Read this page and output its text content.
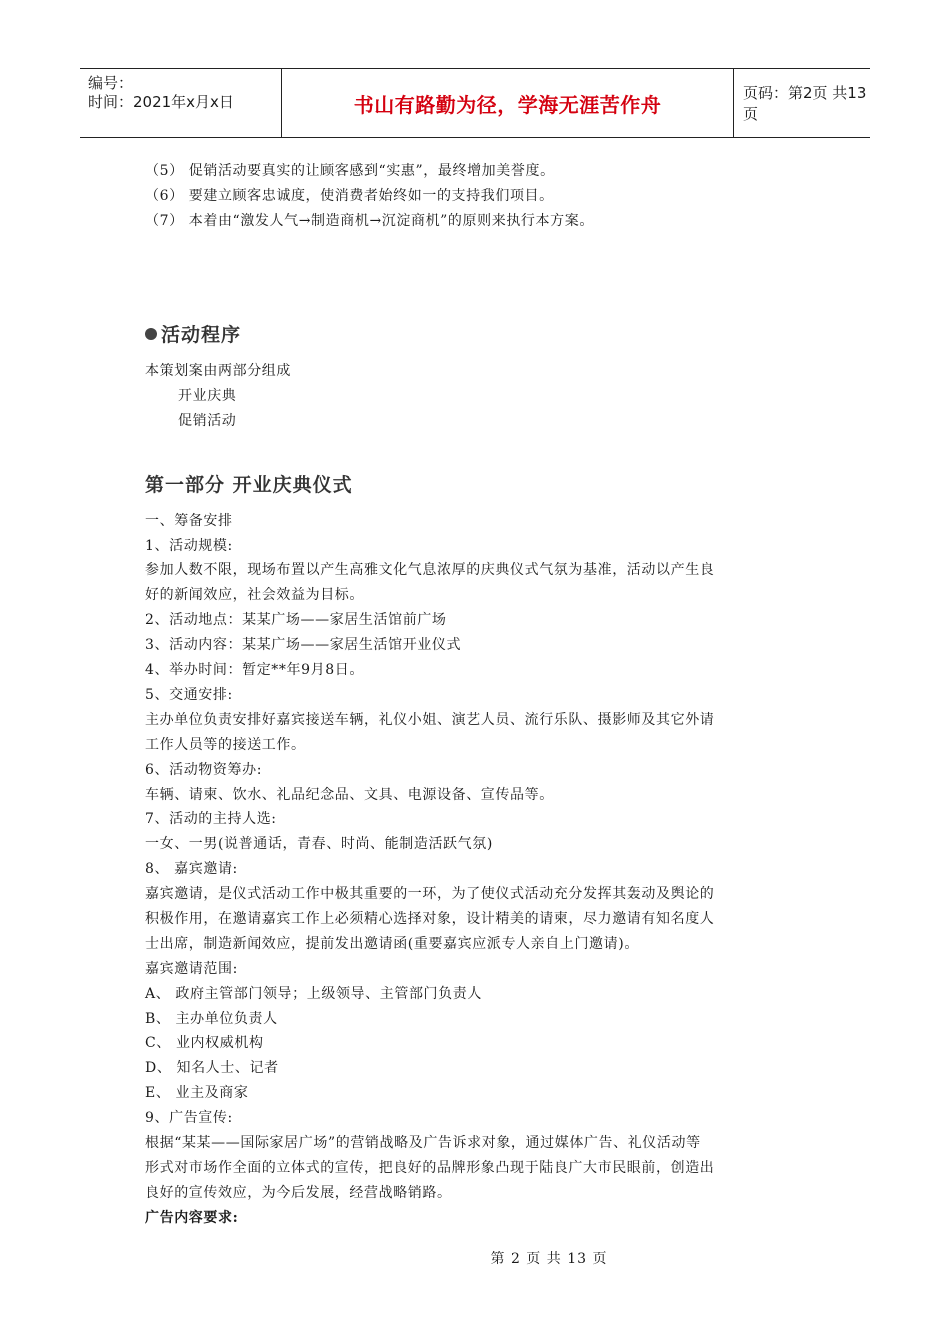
编号：
时间：2021年x月x日	书山有路勤为径，学海无涯苦作舟	页码：第2页 共13页
（5） 促销活动要真实的让顾客感到“实惠”，最终增加美誉度。
（6） 要建立顾客忠诚度，使消费者始终如一的支持我们项目。
（7） 本着由“激发人气→制造商机→沉淀商机”的原则来执行本方案。
活动程序
本策划案由两部分组成
开业庆典
促销活动
第一部分 开业庆典仪式
一、筹备安排
1、活动规模:
参加人数不限，现场布置以产生高雅文化气息浓厚的庆典仪式气氛为基准，活动以产生良
好的新闻效应，社会效益为目标。
2、活动地点：某某广场——家居生活馆前广场
3、活动内容：某某广场——家居生活馆开业仪式
4、举办时间：暂定**年9月8日。
5、交通安排:
主办单位负责安排好嘉宾接送车辆，礼仪小姐、演艺人员、流行乐队、摄影师及其它外请
工作人员等的接送工作。
6、活动物资筹办:
车辆、请柬、饮水、礼品纪念品、文具、电源设备、宣传品等。
7、活动的主持人选:
一女、一男(说普通话，青春、时尚、能制造活跃气氛)
8、 嘉宾邀请:
嘉宾邀请，是仪式活动工作中极其重要的一环，为了使仪式活动充分发挥其轰动及舆论的
积极作用，在邀请嘉宾工作上必须精心选择对象，设计精美的请柬，尽力邀请有知名度人
士出席，制造新闻效应，提前发出邀请函(重要嘉宾应派专人亲自上门邀请)。
嘉宾邀请范围:
A、 政府主管部门领导；上级领导、主管部门负责人
B、 主办单位负责人
C、 业内权威机构
D、 知名人士、记者
E、 业主及商家
9、广告宣传:
根据“某某——国际家居广场”的营销战略及广告诉求对象，通过媒体广告、礼仪活动等
形式对市场作全面的立体式的宣传，把良好的品牌形象凸现于陆良广大市民眼前，创造出
良好的宣传效应，为今后发展，经营战略销路。
广告内容要求:
第 2 页 共 13 页
